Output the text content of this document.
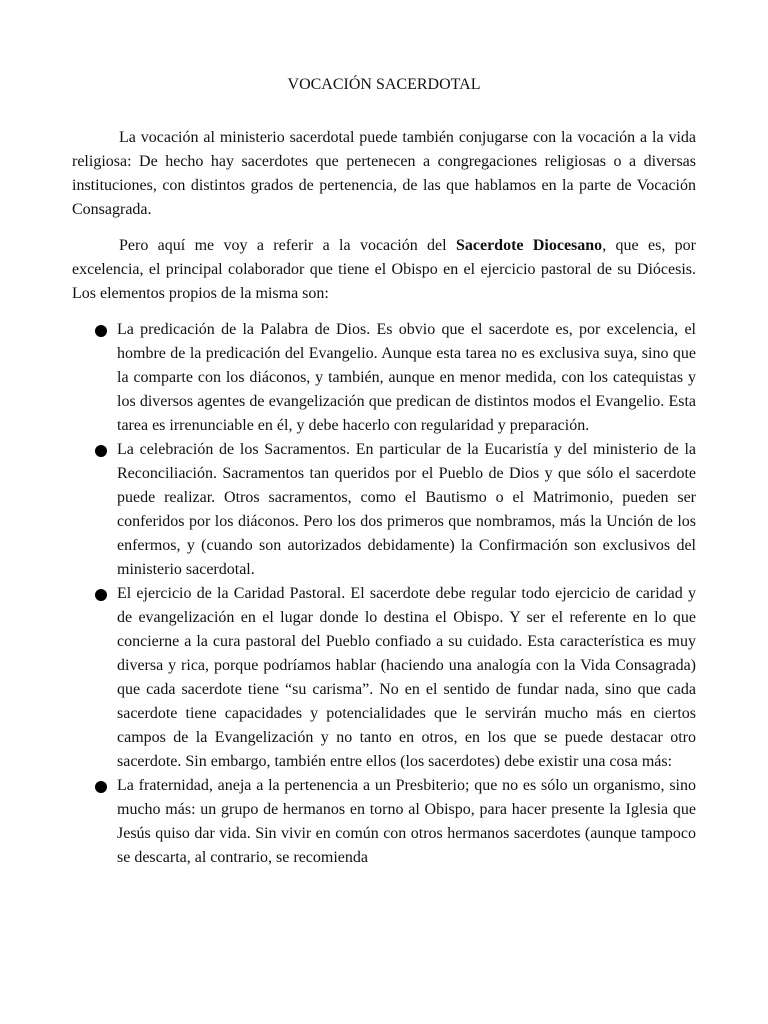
VOCACIÓN SACERDOTAL

La vocación al ministerio sacerdotal puede también conjugarse con la vocación a la vida religiosa: De hecho hay sacerdotes que pertenecen a congregaciones religiosas o a diversas instituciones, con distintos grados de pertenencia, de las que hablamos en la parte de Vocación Consagrada.

Pero aquí me voy a referir a la vocación del Sacerdote Diocesano, que es, por excelencia, el principal colaborador que tiene el Obispo en el ejercicio pastoral de su Diócesis. Los elementos propios de la misma son:

La predicación de la Palabra de Dios. Es obvio que el sacerdote es, por excelencia, el hombre de la predicación del Evangelio. Aunque esta tarea no es exclusiva suya, sino que la comparte con los diáconos, y también, aunque en menor medida, con los catequistas y los diversos agentes de evangelización que predican de distintos modos el Evangelio. Esta tarea es irrenunciable en él, y debe hacerlo con regularidad y preparación.
La celebración de los Sacramentos. En particular de la Eucaristía y del ministerio de la Reconciliación. Sacramentos tan queridos por el Pueblo de Dios y que sólo el sacerdote puede realizar. Otros sacramentos, como el Bautismo o el Matrimonio, pueden ser conferidos por los diáconos. Pero los dos primeros que nombramos, más la Unción de los enfermos, y (cuando son autorizados debidamente) la Confirmación son exclusivos del ministerio sacerdotal.
El ejercicio de la Caridad Pastoral. El sacerdote debe regular todo ejercicio de caridad y de evangelización en el lugar donde lo destina el Obispo. Y ser el referente en lo que concierne a la cura pastoral del Pueblo confiado a su cuidado. Esta característica es muy diversa y rica, porque podríamos hablar (haciendo una analogía con la Vida Consagrada) que cada sacerdote tiene “su carisma”. No en el sentido de fundar nada, sino que cada sacerdote tiene capacidades y potencialidades que le servirán mucho más en ciertos campos de la Evangelización y no tanto en otros, en los que se puede destacar otro sacerdote. Sin embargo, también entre ellos (los sacerdotes) debe existir una cosa más:
La fraternidad, aneja a la pertenencia a un Presbiterio; que no es sólo un organismo, sino mucho más: un grupo de hermanos en torno al Obispo, para hacer presente la Iglesia que Jesús quiso dar vida. Sin vivir en común con otros hermanos sacerdotes (aunque tampoco se descarta, al contrario, se recomienda
